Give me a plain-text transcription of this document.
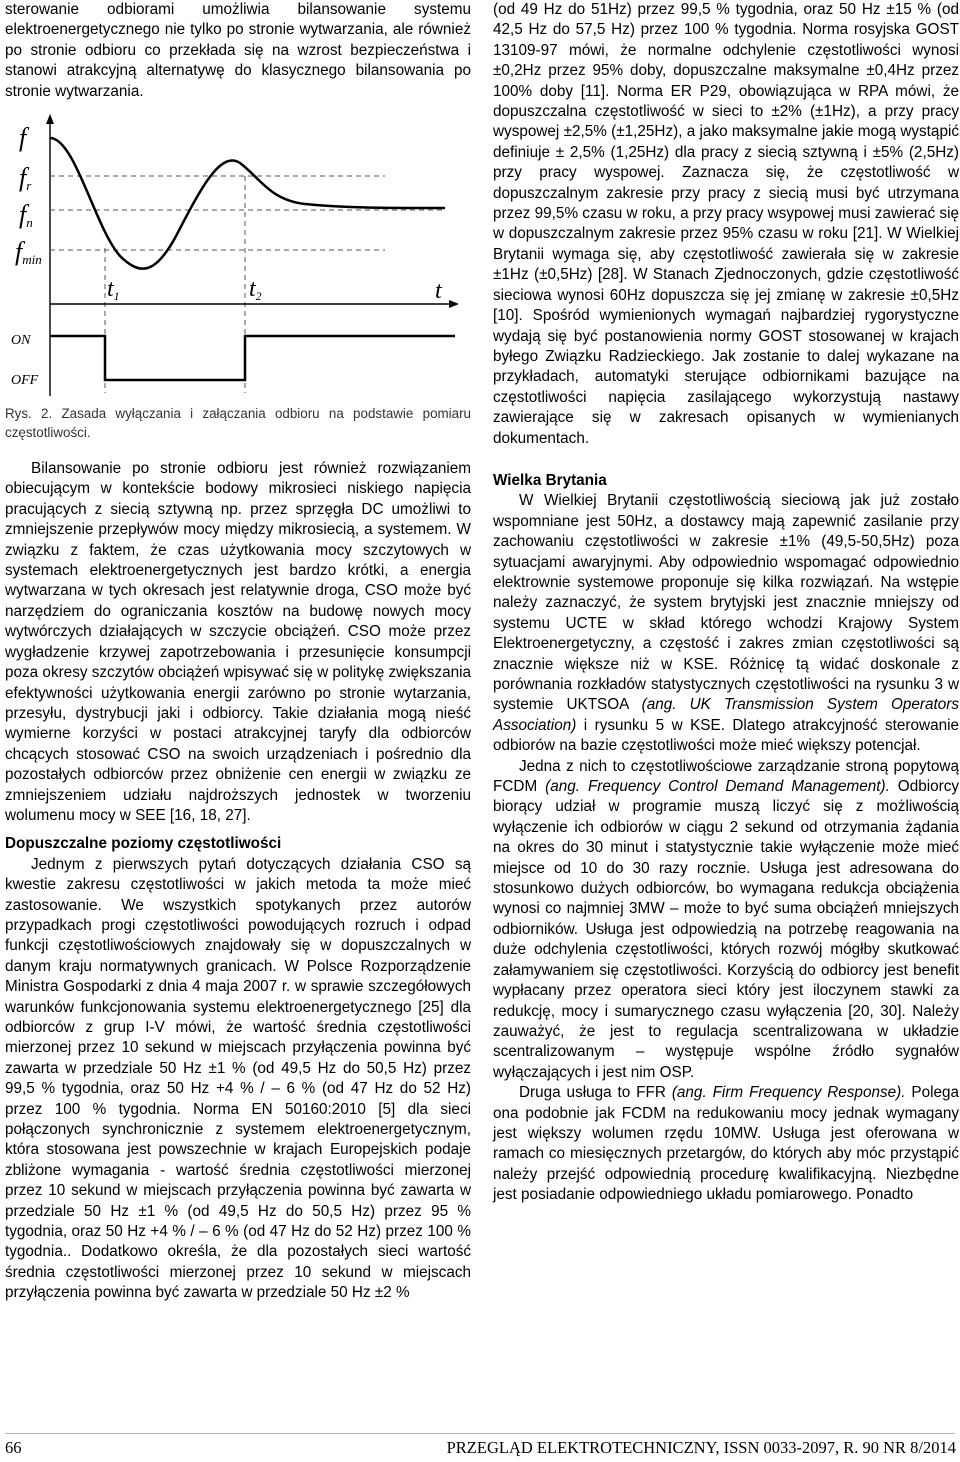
sterowanie odbiorami umożliwia bilansowanie systemu elektroenergetycznego nie tylko po stronie wytwarzania, ale również po stronie odbioru co przekłada się na wzrost bezpieczeństwa i stanowi atrakcyjną alternatywę do klasycznego bilansowania po stronie wytwarzania.

f
fr
fn
fmin
t1	t2	t
ON
OFF

Rys. 2. Zasada wyłączania i załączania odbioru na podstawie pomiaru częstotliwości.

Bilansowanie po stronie odbioru jest również rozwiązaniem obiecującym w kontekście bodowy mikrosieci niskiego napięcia pracujących z siecią sztywną np. przez sprzęgła DC umożliwi to zmniejszenie przepływów mocy między mikrosiecią, a systemem. W związku z faktem, że czas użytkowania mocy szczytowych w systemach elektroenergetycznych jest bardzo krótki, a energia wytwarzana w tych okresach jest relatywnie droga, CSO może być narzędziem do ograniczania kosztów na budowę nowych mocy wytwórczych działających w szczycie obciążeń. CSO może przez wygładzenie krzywej zapotrzebowania i przesunięcie konsumpcji poza okresy szczytów obciążeń wpisywać się w politykę zwiększania efektywności użytkowania energii zarówno po stronie wytarzania, przesyłu, dystrybucji jaki i odbiorcy. Takie działania mogą nieść wymierne korzyści w postaci atrakcyjnej taryfy dla odbiorców chcących stosować CSO na swoich urządzeniach i pośrednio dla pozostałych odbiorców przez obniżenie cen energii w związku ze zmniejszeniem udziału najdroższych jednostek w tworzeniu wolumenu mocy w SEE [16, 18, 27].

Dopuszczalne poziomy częstotliwości

Jednym z pierwszych pytań dotyczących działania CSO są kwestie zakresu częstotliwości w jakich metoda ta może mieć zastosowanie. We wszystkich spotykanych przez autorów przypadkach progi częstotliwości powodujących rozruch i odpad funkcji częstotliwościowych znajdowały się w dopuszczalnych w danym kraju normatywnych granicach. W Polsce Rozporządzenie Ministra Gospodarki z dnia 4 maja 2007 r. w sprawie szczegółowych warunków funkcjonowania systemu elektroenergetycznego [25] dla odbiorców z grup I-V mówi, że wartość średnia częstotliwości mierzonej przez 10 sekund w miejscach przyłączenia powinna być zawarta w przedziale 50 Hz ±1 % (od 49,5 Hz do 50,5 Hz) przez 99,5 % tygodnia, oraz 50 Hz +4 % / – 6 % (od 47 Hz do 52 Hz) przez 100 % tygodnia. Norma EN 50160:2010 [5] dla sieci połączonych synchronicznie z systemem elektroenergetycznym, która stosowana jest powszechnie w krajach Europejskich podaje zbliżone wymagania - wartość średnia częstotliwości mierzonej przez 10 sekund w miejscach przyłączenia powinna być zawarta w przedziale 50 Hz ±1 % (od 49,5 Hz do 50,5 Hz) przez 95 % tygodnia, oraz 50 Hz +4 % / – 6 % (od 47 Hz do 52 Hz) przez 100 % tygodnia.. Dodatkowo określa, że dla pozostałych sieci wartość średnia częstotliwości mierzonej przez 10 sekund w miejscach przyłączenia powinna być zawarta w przedziale 50 Hz ±2 %

(od 49 Hz do 51Hz) przez 99,5 % tygodnia, oraz 50 Hz ±15 % (od 42,5 Hz do 57,5 Hz) przez 100 % tygodnia. Norma rosyjska GOST 13109-97 mówi, że normalne odchylenie częstotliwości wynosi ±0,2Hz przez 95% doby, dopuszczalne maksymalne ±0,4Hz przez 100% doby [11]. Norma ER P29, obowiązująca w RPA mówi, że dopuszczalna częstotliwość w sieci to ±2% (±1Hz), a przy pracy wyspowej ±2,5% (±1,25Hz), a jako maksymalne jakie mogą wystąpić definiuje ± 2,5% (1,25Hz) dla pracy z siecią sztywną i ±5% (2,5Hz) przy pracy wyspowej. Zaznacza się, że częstotliwość w dopuszczalnym zakresie przy pracy z siecią musi być utrzymana przez 99,5% czasu w roku, a przy pracy wsypowej musi zawierać się w dopuszczalnym zakresie przez 95% czasu w roku [21]. W Wielkiej Brytanii wymaga się, aby częstotliwość zawierała się w zakresie ±1Hz (±0,5Hz) [28]. W Stanach Zjednoczonych, gdzie częstotliwość sieciowa wynosi 60Hz dopuszcza się jej zmianę w zakresie ±0,5Hz [10]. Spośród wymienionych wymagań najbardziej rygorystyczne wydają się być postanowienia normy GOST stosowanej w krajach byłego Związku Radzieckiego. Jak zostanie to dalej wykazane na przykładach, automatyki sterujące odbiornikami bazujące na częstotliwości napięcia zasilającego wykorzystują nastawy zawierające się w zakresach opisanych w wymienianych dokumentach.

Wielka Brytania

W Wielkiej Brytanii częstotliwością sieciową jak już zostało wspomniane jest 50Hz, a dostawcy mają zapewnić zasilanie przy zachowaniu częstotliwości w zakresie ±1% (49,5-50,5Hz) poza sytuacjami awaryjnymi. Aby odpowiednio wspomagać odpowiednio elektrownie systemowe proponuje się kilka rozwiązań. Na wstępie należy zaznaczyć, że system brytyjski jest znacznie mniejszy od systemu UCTE w skład którego wchodzi Krajowy System Elektroenergetyczny, a częstość i zakres zmian częstotliwości są znacznie większe niż w KSE. Różnicę tą widać doskonale z porównania rozkładów statystycznych częstotliwości na rysunku 3 w systemie UKTSOA (ang. UK Transmission System Operators Association) i rysunku 5 w KSE. Dlatego atrakcyjność sterowanie odbiorów na bazie częstotliwości może mieć większy potencjał.

Jedna z nich to częstotliwościowe zarządzanie stroną popytową FCDM (ang. Frequency Control Demand Management). Odbiorcy biorący udział w programie muszą liczyć się z możliwością wyłączenie ich odbiorów w ciągu 2 sekund od otrzymania żądania na okres do 30 minut i statystycznie takie wyłączenie może mieć miejsce od 10 do 30 razy rocznie. Usługa jest adresowana do stosunkowo dużych odbiorców, bo wymagana redukcja obciążenia wynosi co najmniej 3MW – może to być suma obciążeń mniejszych odbiorników. Usługa jest odpowiedzią na potrzebę reagowania na duże odchylenia częstotliwości, których rozwój mógłby skutkować załamywaniem się częstotliwości. Korzyścią do odbiorcy jest benefit wypłacany przez operatora sieci który jest iloczynem stawki za redukcję, mocy i sumarycznego czasu wyłączenia [20, 30]. Należy zauważyć, że jest to regulacja scentralizowana w układzie scentralizowanym – występuje wspólne źródło sygnałów wyłączających i jest nim OSP.

Druga usługa to FFR (ang. Firm Frequency Response). Polega ona podobnie jak FCDM na redukowaniu mocy jednak wymagany jest większy wolumen rzędu 10MW. Usługa jest oferowana w ramach co miesięcznych przetargów, do których aby móc przystąpić należy przejść odpowiednią procedurę kwalifikacyjną. Niezbędne jest posiadanie odpowiedniego układu pomiarowego. Ponadto

66	PRZEGLĄD ELEKTROTECHNICZNY, ISSN 0033-2097, R. 90 NR 8/2014
